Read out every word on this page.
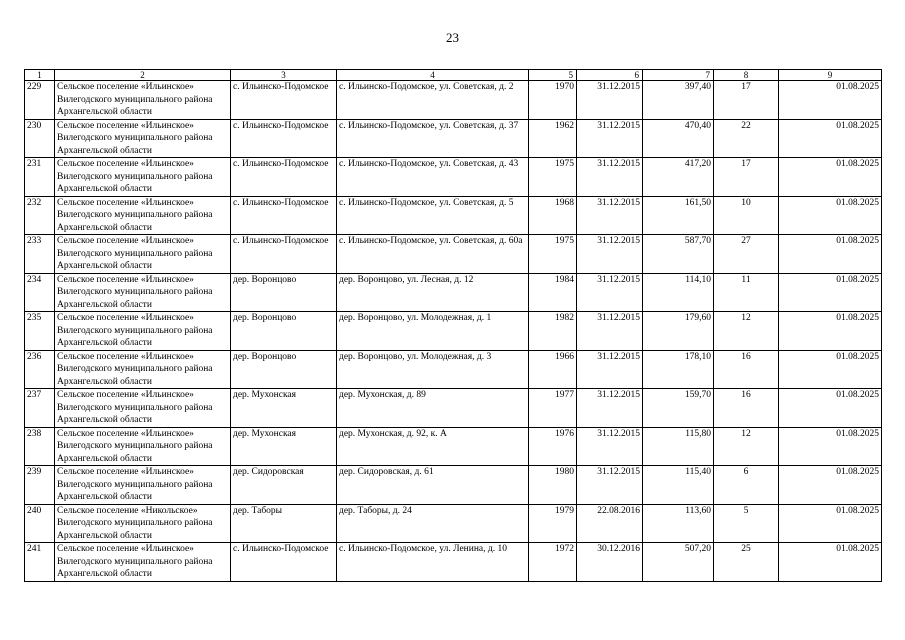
23
1	2	3	4	5	6	7	8	9
229	Сельское поселение «Ильинское» Вилегодского муниципального района Архангельской области	с. Ильинско-Подомское	с. Ильинско-Подомское, ул. Советская, д. 2	1970	31.12.2015	397,40	17	01.08.2025
230	Сельское поселение «Ильинское» Вилегодского муниципального района Архангельской области	с. Ильинско-Подомское	с. Ильинско-Подомское, ул. Советская, д. 37	1962	31.12.2015	470,40	22	01.08.2025
231	Сельское поселение «Ильинское» Вилегодского муниципального района Архангельской области	с. Ильинско-Подомское	с. Ильинско-Подомское, ул. Советская, д. 43	1975	31.12.2015	417,20	17	01.08.2025
232	Сельское поселение «Ильинское» Вилегодского муниципального района Архангельской области	с. Ильинско-Подомское	с. Ильинско-Подомское, ул. Советская, д. 5	1968	31.12.2015	161,50	10	01.08.2025
233	Сельское поселение «Ильинское» Вилегодского муниципального района Архангельской области	с. Ильинско-Подомское	с. Ильинско-Подомское, ул. Советская, д. 60а	1975	31.12.2015	587,70	27	01.08.2025
234	Сельское поселение «Ильинское» Вилегодского муниципального района Архангельской области	дер. Воронцово	дер. Воронцово, ул. Лесная, д. 12	1984	31.12.2015	114,10	11	01.08.2025
235	Сельское поселение «Ильинское» Вилегодского муниципального района Архангельской области	дер. Воронцово	дер. Воронцово, ул. Молодежная, д. 1	1982	31.12.2015	179,60	12	01.08.2025
236	Сельское поселение «Ильинское» Вилегодского муниципального района Архангельской области	дер. Воронцово	дер. Воронцово, ул. Молодежная, д. 3	1966	31.12.2015	178,10	16	01.08.2025
237	Сельское поселение «Ильинское» Вилегодского муниципального района Архангельской области	дер. Мухонская	дер. Мухонская, д. 89	1977	31.12.2015	159,70	16	01.08.2025
238	Сельское поселение «Ильинское» Вилегодского муниципального района Архангельской области	дер. Мухонская	дер. Мухонская, д. 92, к. А	1976	31.12.2015	115,80	12	01.08.2025
239	Сельское поселение «Ильинское» Вилегодского муниципального района Архангельской области	дер. Сидоровская	дер. Сидоровская, д. 61	1980	31.12.2015	115,40	6	01.08.2025
240	Сельское поселение «Никольское» Вилегодского муниципального района Архангельской области	дер. Таборы	дер. Таборы, д. 24	1979	22.08.2016	113,60	5	01.08.2025
241	Сельское поселение «Ильинское» Вилегодского муниципального района Архангельской области	с. Ильинско-Подомское	с. Ильинско-Подомское, ул. Ленина, д. 10	1972	30.12.2016	507,20	25	01.08.2025
